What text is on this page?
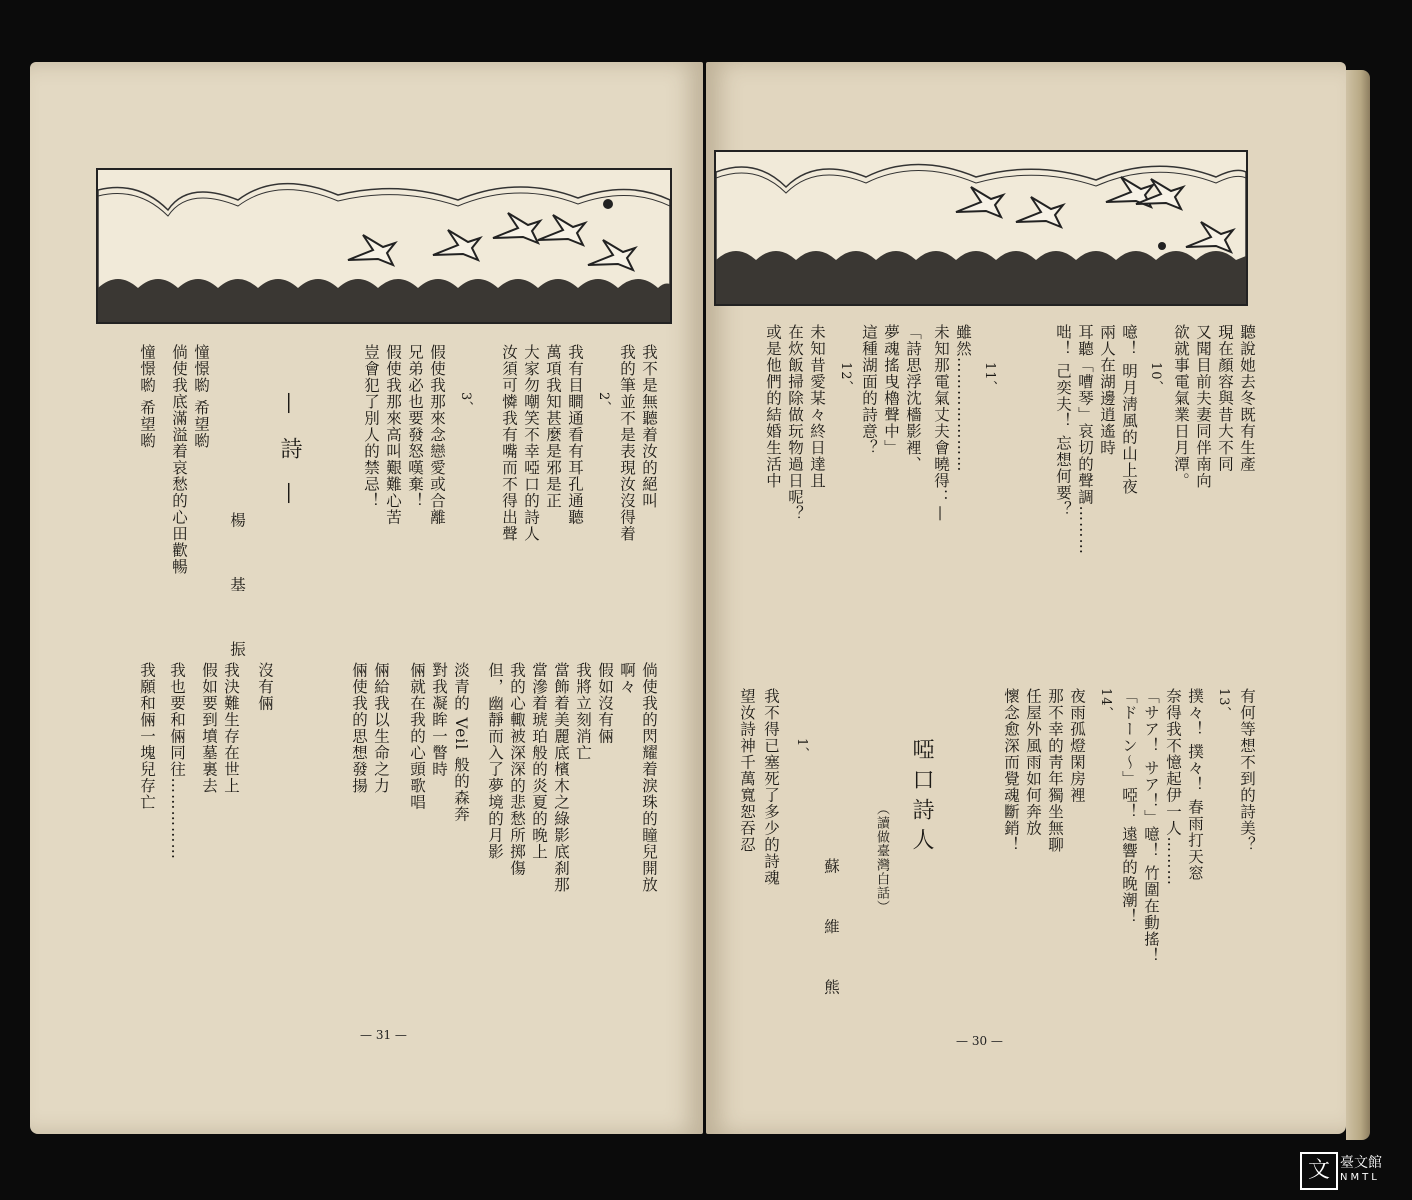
我不是無聽着汝的絕叫
我的筆並不是表現汝沒得着
2、
我有目瞷通看有耳孔通聽
萬項我知甚麼是邪是正
大家勿嘲笑不幸啞口的詩人
汝須可憐我有嘴而不得出聲
3、
假使我那來念戀愛或合離
兄弟必也要發怒嘆棄！
假使我那來高叫艱難心苦
豈會犯了別人的禁忌！
— 詩 —
楊 基 振
憧憬喲 希望喲
倘使我底滿溢着哀愁的心田歡暢
憧憬喲 希望喲
倘使我的閃耀着淚珠的瞳兒開放
啊々
假如沒有倆
我將立刻消亡
當飾着美麗底檳木之綠影底刹那
當滲着琥珀般的炎夏的晚上
我的心輙被深深的悲愁所掷傷
但，幽靜而入了夢境的月影
淡青的 Veil 般的森奔
對我凝眸一瞥時
倆就在我的心頭歌唱
倆給我以生命之力
倆使我的思想發揚
沒有倆
我決難生存在世上
假如要到墳墓裏去
我也要和倆同往……………
我願和倆一塊兒存亡
— 31 —
聽說她去冬既有生產
現在顏容與昔大不同
又聞目前夫妻同伴南向
欲就事電氣業日月潭。
10、
噫！ 明月淸風的山上夜
兩人在湖邊逍遙時
耳聽「嘈琴」哀切的聲調………
咄！ 己奕夫！ 忘想何要？
11、
雖然…………………
未知那電氣丈夫會曉得：—
「詩思浮沈檣影裡、
夢魂搖曳櫓聲中」
這種湖面的詩意？
12、
未知昔愛某々終日達且
在炊飯掃除做玩物過日呢？
或是他們的結婚生活中
有何等想不到的詩美？
13、
撲々！ 撲々！ 春雨打天窓
奈得我不憶起伊一人………
「サア！ サア！」噫！ 竹圍在動搖！
「ドーン〜」啞！ 遠響的晚潮！
14、
夜雨孤燈閑房裡
那不幸的靑年獨坐無聊
任屋外風雨如何奔放
懷念愈深而覺魂斷銷！
啞口詩人
（讀做臺灣白話）
蘇 維 熊
1、
我不得已塞死了多少的詩魂
望汝詩神千萬寬恕吞忍
— 30 —
文 臺文館
NMTL
